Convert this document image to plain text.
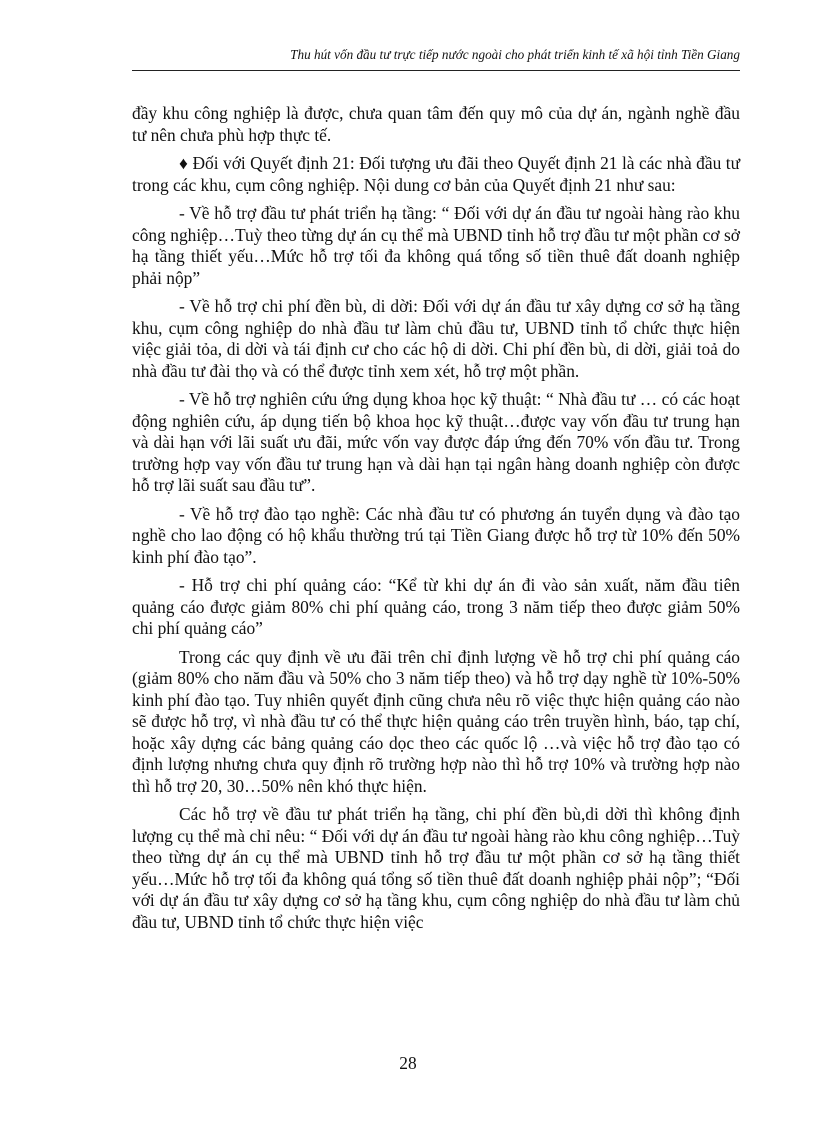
Thu hút vốn đầu tư trực tiếp nước ngoài cho phát triển kinh tế xã hội tỉnh Tiền Giang

đầy khu công nghiệp là được, chưa quan tâm đến quy mô của dự án, ngành nghề đầu tư nên chưa phù hợp thực tế.

♦ Đối với Quyết định 21: Đối tượng ưu đãi theo Quyết định 21 là các nhà đầu tư trong các khu, cụm công nghiệp. Nội dung cơ bản của Quyết định 21 như sau:

- Về hỗ trợ đầu tư phát triển hạ tầng: “ Đối với dự án đầu tư ngoài hàng rào khu công nghiệp…Tuỳ theo từng dự án cụ thể mà UBND tỉnh hỗ trợ đầu tư một phần cơ sở hạ tầng thiết yếu…Mức hỗ trợ tối đa không quá tổng số tiền thuê đất doanh nghiệp phải nộp”

- Về hỗ trợ chi phí đền bù, di dời: Đối với dự án đầu tư xây dựng cơ sở hạ tầng khu, cụm công nghiệp do nhà đầu tư làm chủ đầu tư, UBND tỉnh tổ chức thực hiện việc giải tỏa, di dời và tái định cư cho các hộ di dời. Chi phí đền bù, di dời, giải toả do nhà đầu tư đài thọ và có thể được tỉnh xem xét, hỗ trợ một phần.

- Về hỗ trợ nghiên cứu ứng dụng khoa học kỹ thuật: “ Nhà đầu tư … có các hoạt động nghiên cứu, áp dụng tiến bộ khoa học kỹ thuật…được vay vốn đầu tư trung hạn và dài hạn với lãi suất ưu đãi, mức vốn vay được đáp ứng đến 70% vốn đầu tư. Trong trường hợp vay vốn đầu tư trung hạn và dài hạn tại ngân hàng doanh nghiệp còn được hỗ trợ lãi suất sau đầu tư”.

- Về hỗ trợ đào tạo nghề: Các nhà đầu tư có phương án tuyển dụng và đào tạo nghề cho lao động có hộ khẩu thường trú tại Tiền Giang được hỗ trợ từ 10% đến 50% kinh phí đào tạo”.

- Hỗ trợ chi phí quảng cáo: “Kể từ khi dự án đi vào sản xuất, năm đầu tiên quảng cáo được giảm 80% chi phí quảng cáo, trong 3 năm tiếp theo được giảm 50% chi phí quảng cáo”

Trong các quy định về ưu đãi trên chỉ định lượng về hỗ trợ chi phí quảng cáo (giảm 80% cho năm đầu và 50% cho 3 năm tiếp theo) và hỗ trợ dạy nghề từ 10%-50% kinh phí đào tạo. Tuy nhiên quyết định cũng chưa nêu rõ việc thực hiện quảng cáo nào sẽ được hỗ trợ, vì nhà đầu tư có thể thực hiện quảng cáo trên truyền hình, báo, tạp chí, hoặc xây dựng các bảng quảng cáo dọc theo các quốc lộ …và việc hỗ trợ đào tạo có định lượng nhưng chưa quy định rõ trường hợp nào thì hỗ trợ 10% và trường hợp nào thì hỗ trợ 20, 30…50% nên khó thực hiện.

Các hỗ trợ về đầu tư phát triển hạ tầng, chi phí đền bù,di dời thì không định lượng cụ thể mà chỉ nêu: “ Đối với dự án đầu tư ngoài hàng rào khu công nghiệp…Tuỳ theo từng dự án cụ thể mà UBND tỉnh hỗ trợ đầu tư một phần cơ sở hạ tầng thiết yếu…Mức hỗ trợ tối đa không quá tổng số tiền thuê đất doanh nghiệp phải nộp”; “Đối với dự án đầu tư xây dựng cơ sở hạ tầng khu, cụm công nghiệp do nhà đầu tư làm chủ đầu tư, UBND tỉnh tổ chức thực hiện việc

28
